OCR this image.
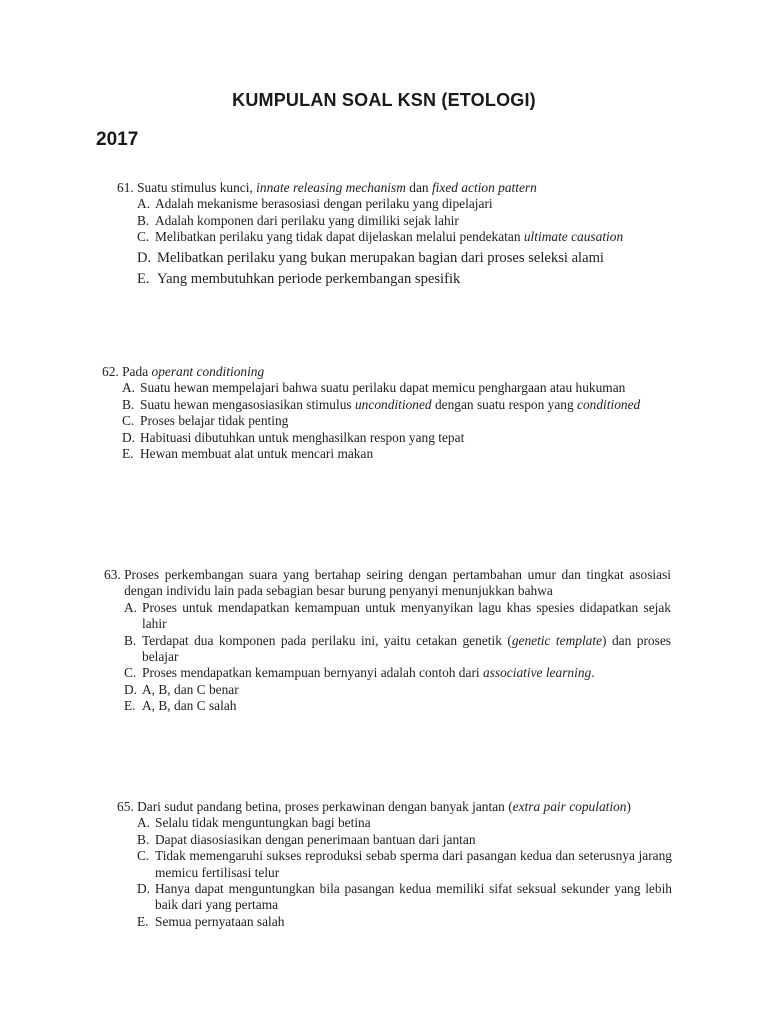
KUMPULAN SOAL KSN (ETOLOGI)
2017
61.
Suatu stimulus kunci, innate releasing mechanism dan fixed action pattern
A. Adalah mekanisme berasosiasi dengan perilaku yang dipelajari
B. Adalah komponen dari perilaku yang dimiliki sejak lahir
C. Melibatkan perilaku yang tidak dapat dijelaskan melalui pendekatan ultimate causation
D. Melibatkan perilaku yang bukan merupakan bagian dari proses seleksi alami
E. Yang membutuhkan periode perkembangan spesifik
62.
Pada operant conditioning
A. Suatu hewan mempelajari bahwa suatu perilaku dapat memicu penghargaan atau hukuman
B. Suatu hewan mengasosiasikan stimulus unconditioned dengan suatu respon yang conditioned
C. Proses belajar tidak penting
D. Habituasi dibutuhkan untuk menghasilkan respon yang tepat
E. Hewan membuat alat untuk mencari makan
63.
Proses perkembangan suara yang bertahap seiring dengan pertambahan umur dan tingkat asosiasi dengan individu lain pada sebagian besar burung penyanyi menunjukkan bahwa
A. Proses untuk mendapatkan kemampuan untuk menyanyikan lagu khas spesies didapatkan sejak lahir
B. Terdapat dua komponen pada perilaku ini, yaitu cetakan genetik (genetic template) dan proses belajar
C. Proses mendapatkan kemampuan bernyanyi adalah contoh dari associative learning.
D. A, B, dan C benar
E. A, B, dan C salah
65.
Dari sudut pandang betina, proses perkawinan dengan banyak jantan (extra pair copulation)
A. Selalu tidak menguntungkan bagi betina
B. Dapat diasosiasikan dengan penerimaan bantuan dari jantan
C. Tidak memengaruhi sukses reproduksi sebab sperma dari pasangan kedua dan seterusnya jarang memicu fertilisasi telur
D. Hanya dapat menguntungkan bila pasangan kedua memiliki sifat seksual sekunder yang lebih baik dari yang pertama
E. Semua pernyataan salah
